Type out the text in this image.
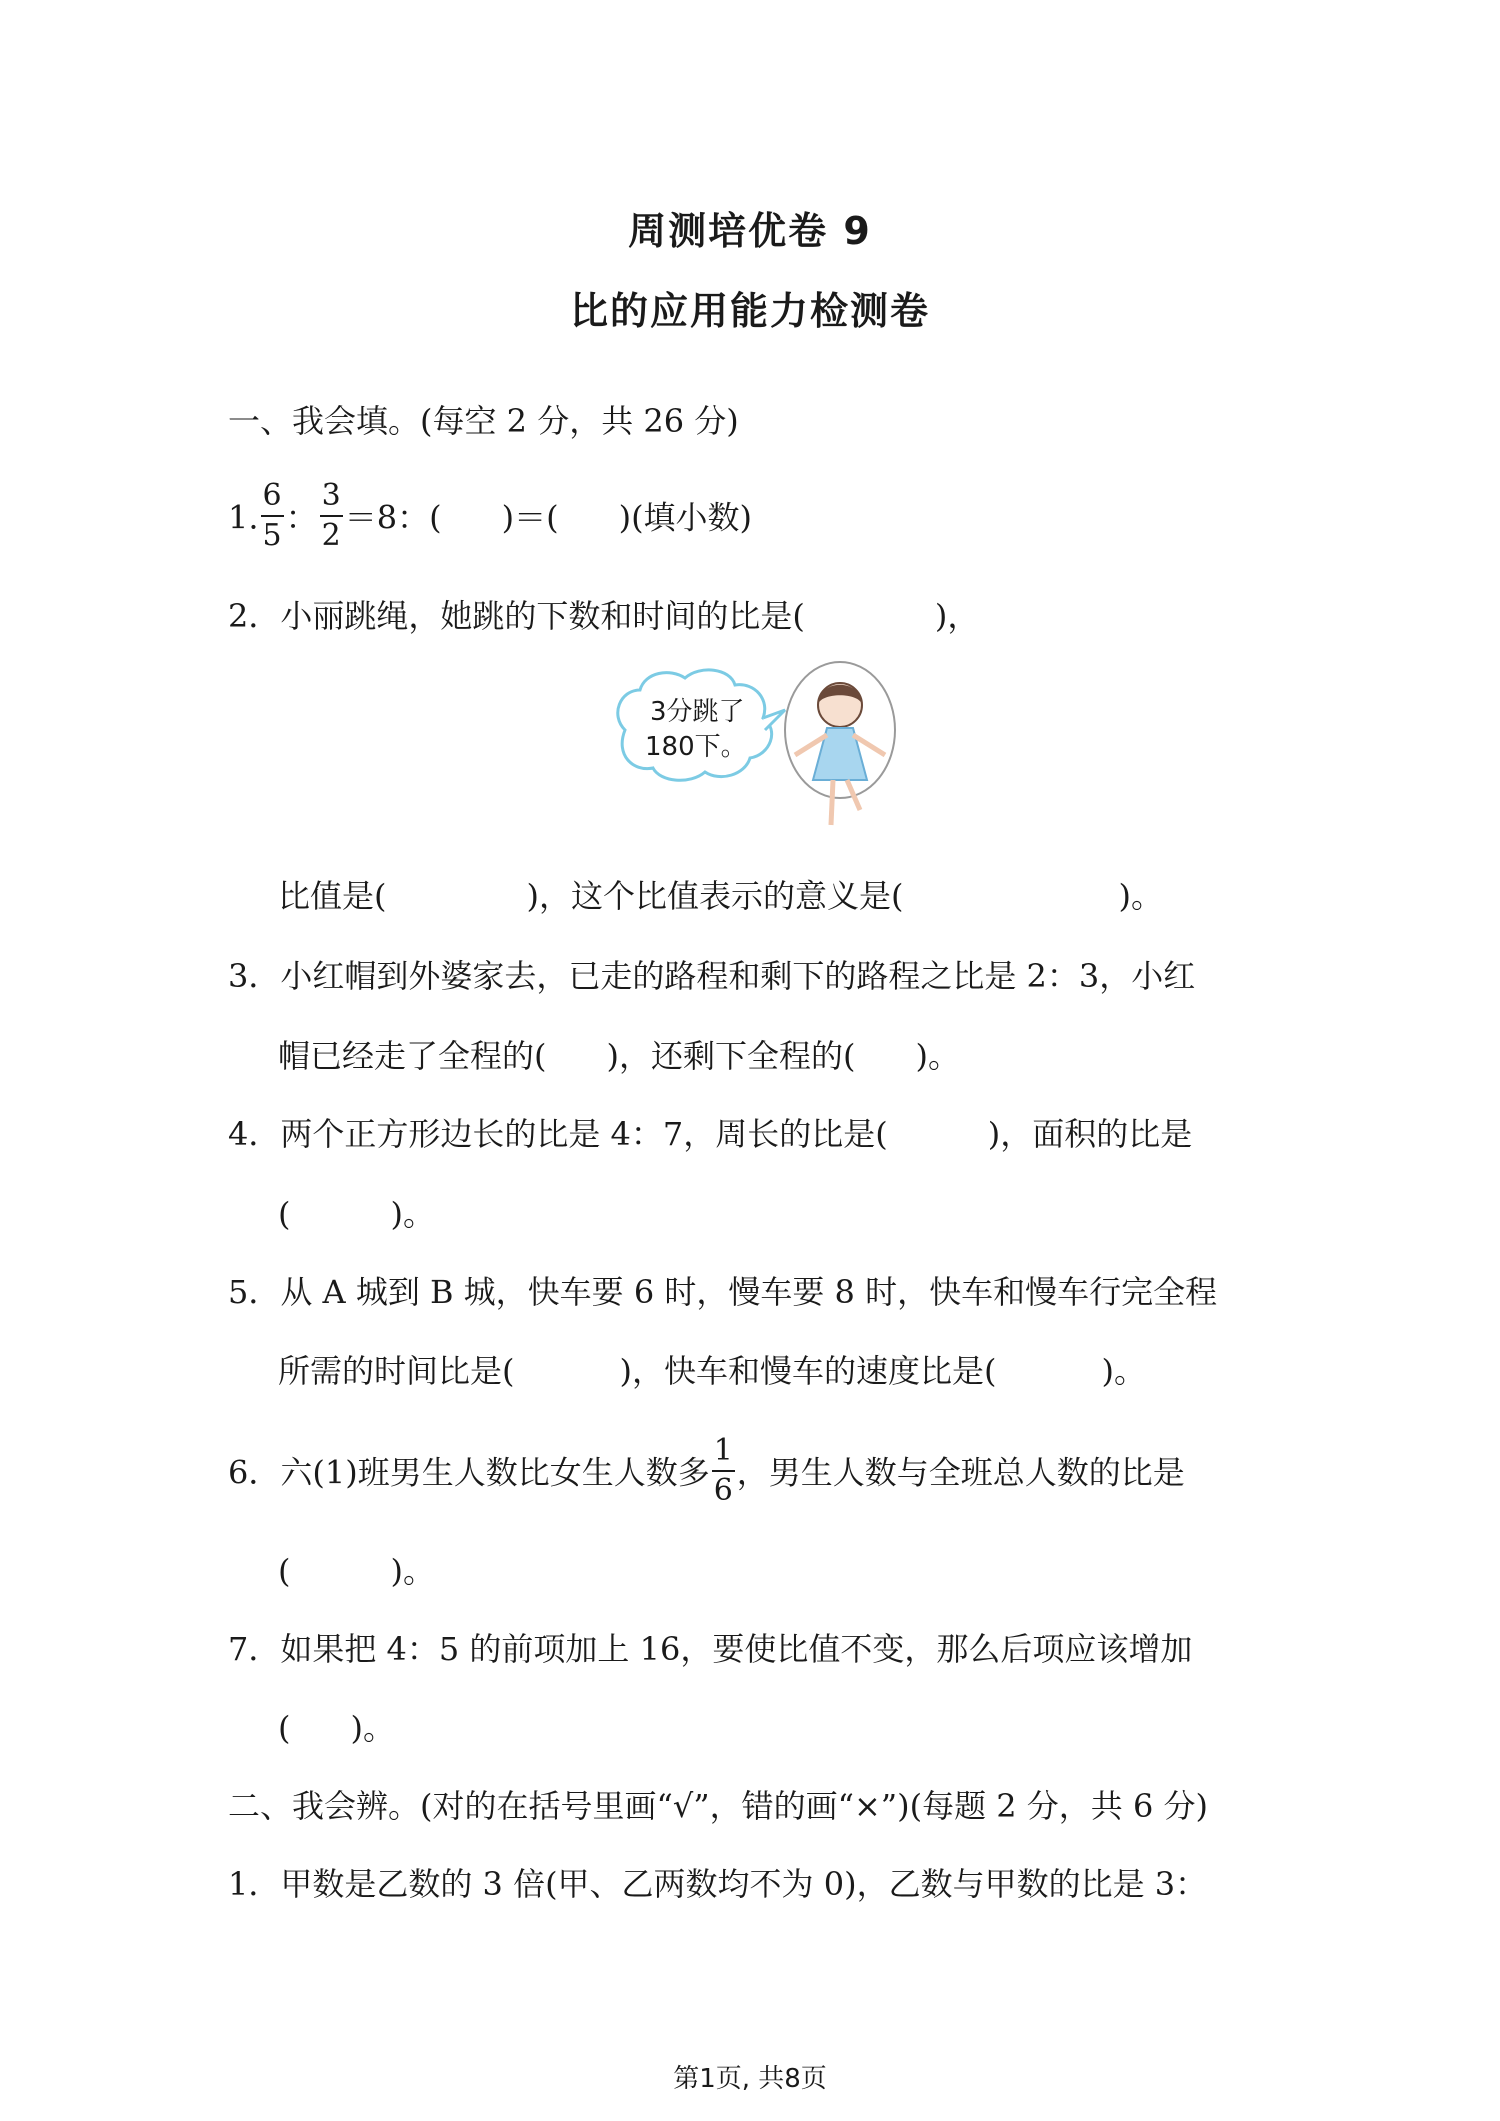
周测培优卷 9
比的应用能力检测卷
一、我会填。(每空 2 分，共 26 分)
1. $\frac{6}{5}$ ： $\frac{3}{2} =8$：( )＝( )(填小数)
2．小丽跳绳，她跳的下数和时间的比是(	)，
3分跳了
180下。
比值是(	)，这个比值表示的意义是(	)。
3．小红帽到外婆家去，已走的路程和剩下的路程之比是 2：3，小红
帽已经走了全程的( )，还剩下全程的( )。
4．两个正方形边长的比是 4：7，周长的比是(	)，面积的比是
(	)。
5．从 A 城到 B 城，快车要 6 时，慢车要 8 时，快车和慢车行完全程
所需的时间比是(	)，快车和慢车的速度比是(	)。
6．六(1)班男生人数比女生人数多 $\frac{1}{6}$ ，男生人数与全班总人数的比是
(	)。
7．如果把 4：5 的前项加上 16，要使比值不变，那么后项应该增加
( )。
二、我会辨。(对的在括号里画“√”，错的画“×”)(每题 2 分，共 6 分)
1．甲数是乙数的 3 倍(甲、乙两数均不为 0)，乙数与甲数的比是 3：
第1页, 共8页
